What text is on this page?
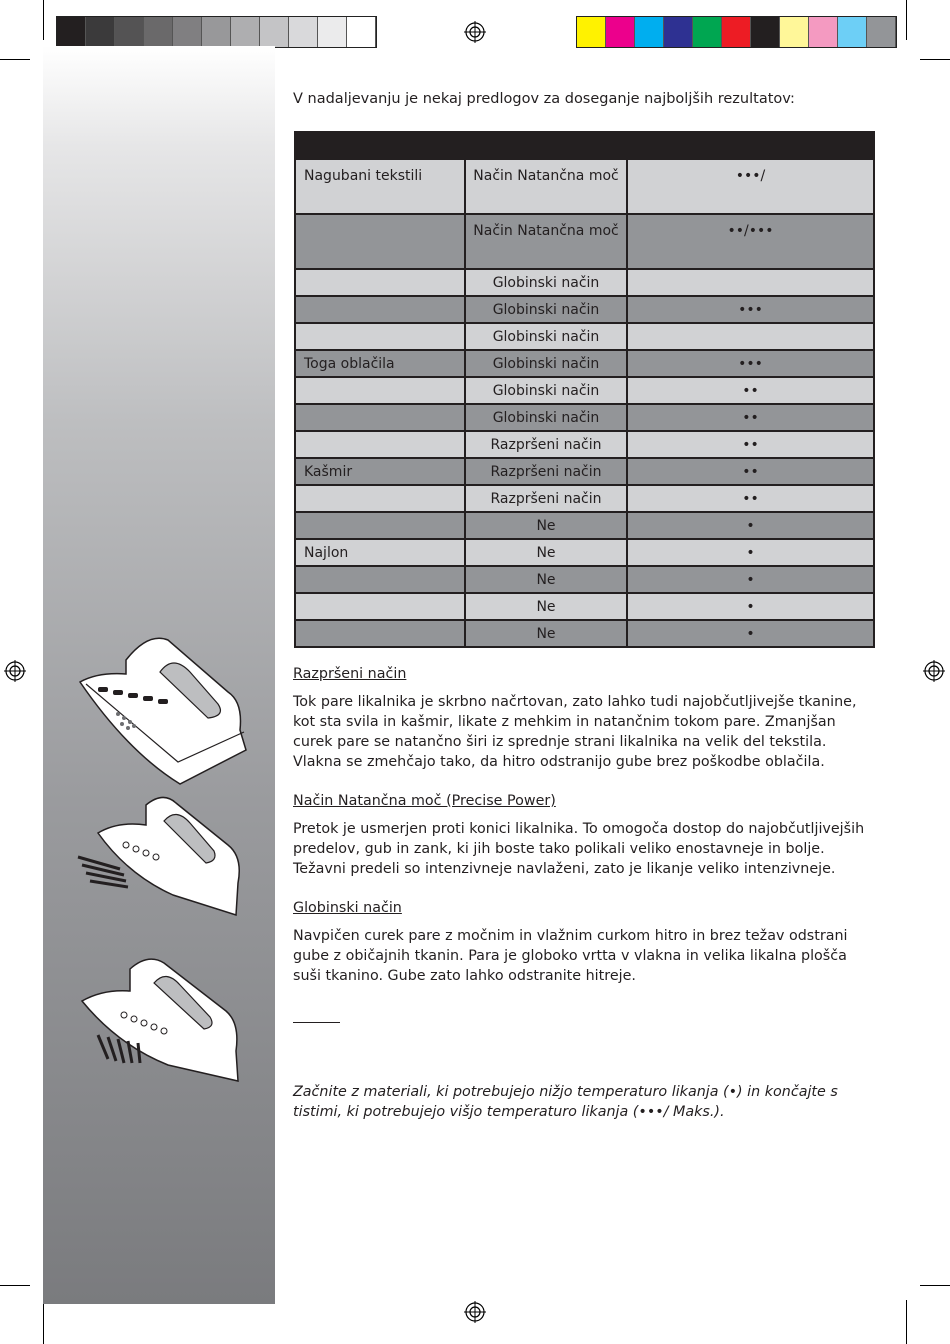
V nadaljevanju je nekaj predlogov za doseganje najboljših rezultatov:

Nagubani tekstili	Način Natančna moč	•••/
	Način Natančna moč	••/•••
	Globinski način	
	Globinski način	•••
	Globinski način	
Toga oblačila	Globinski način	•••
	Globinski način	••
	Globinski način	••
	Razpršeni način	••
Kašmir	Razpršeni način	••
	Razpršeni način	••
	Ne	•
Najlon	Ne	•
	Ne	•
	Ne	•
	Ne	•
Razpršeni način

Tok pare likalnika je skrbno načrtovan, zato lahko tudi najobčutljivejše tkanine, kot sta svila in kašmir, likate z mehkim in natančnim tokom pare. Zmanjšan curek pare se natančno širi iz sprednje strani likalnika na velik del tekstila. Vlakna se zmehčajo tako, da hitro odstranijo gube brez poškodbe oblačila.

Način Natančna moč (Precise Power)

Pretok je usmerjen proti konici likalnika. To omogoča dostop do najobčutljivejših predelov, gub in zank, ki jih boste tako polikali veliko enostavneje in bolje. Težavni predeli so intenzivneje navlaženi, zato je likanje veliko intenzivneje.

Globinski način

Navpičen curek pare z močnim in vlažnim curkom hitro in brez težav odstrani gube z običajnih tkanin. Para je globoko vrtta v vlakna in velika likalna plošča suši tkanino. Gube zato lahko odstranite hitreje.

Začnite z materiali, ki potrebujejo nižjo temperaturo likanja (•) in končajte s tistimi, ki potrebujejo višjo temperaturo likanja (•••/ Maks.).
